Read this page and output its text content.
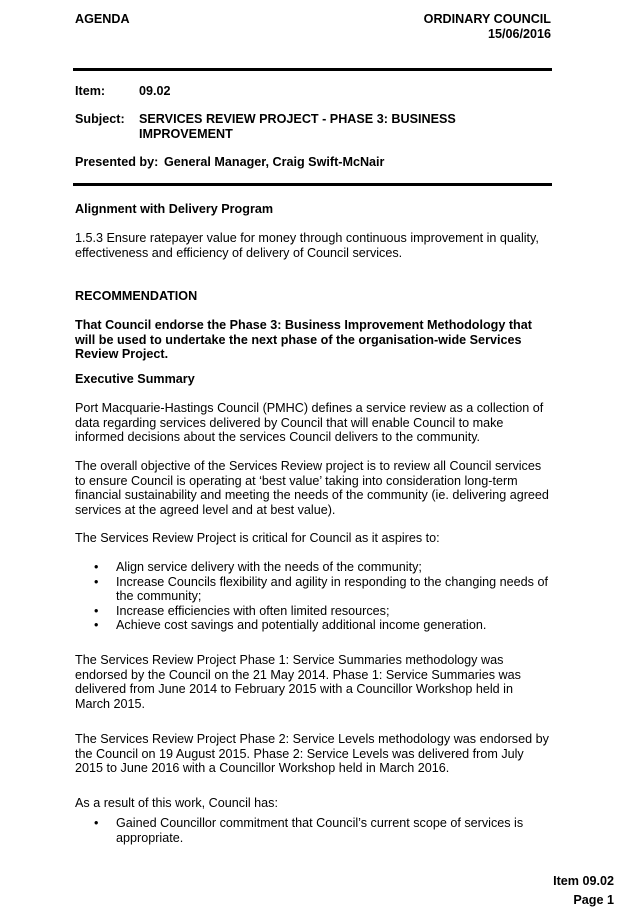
AGENDA	ORDINARY COUNCIL
15/06/2016
Item:	09.02
Subject: SERVICES REVIEW PROJECT - PHASE 3: BUSINESS
IMPROVEMENT
Presented by: General Manager, Craig Swift-McNair
Alignment with Delivery Program
1.5.3 Ensure ratepayer value for money through continuous improvement in quality,
effectiveness and efficiency of delivery of Council services.
RECOMMENDATION
That Council endorse the Phase 3: Business Improvement Methodology that
will be used to undertake the next phase of the organisation-wide Services
Review Project.
Executive Summary
Port Macquarie-Hastings Council (PMHC) defines a service review as a collection of
data regarding services delivered by Council that will enable Council to make
informed decisions about the services Council delivers to the community.
The overall objective of the Services Review project is to review all Council services
to ensure Council is operating at ‘best value’ taking into consideration long-term
financial sustainability and meeting the needs of the community (ie. delivering agreed
services at the agreed level and at best value).
The Services Review Project is critical for Council as it aspires to:
• Align service delivery with the needs of the community;
• Increase Councils flexibility and agility in responding to the changing needs of
the community;
• Increase efficiencies with often limited resources;
• Achieve cost savings and potentially additional income generation.
The Services Review Project Phase 1: Service Summaries methodology was
endorsed by the Council on the 21 May 2014. Phase 1: Service Summaries was
delivered from June 2014 to February 2015 with a Councillor Workshop held in
March 2015.
The Services Review Project Phase 2: Service Levels methodology was endorsed by
the Council on 19 August 2015. Phase 2: Service Levels was delivered from July
2015 to June 2016 with a Councillor Workshop held in March 2016.
As a result of this work, Council has:
• Gained Councillor commitment that Council’s current scope of services is
appropriate.
Item 09.02
Page 1
